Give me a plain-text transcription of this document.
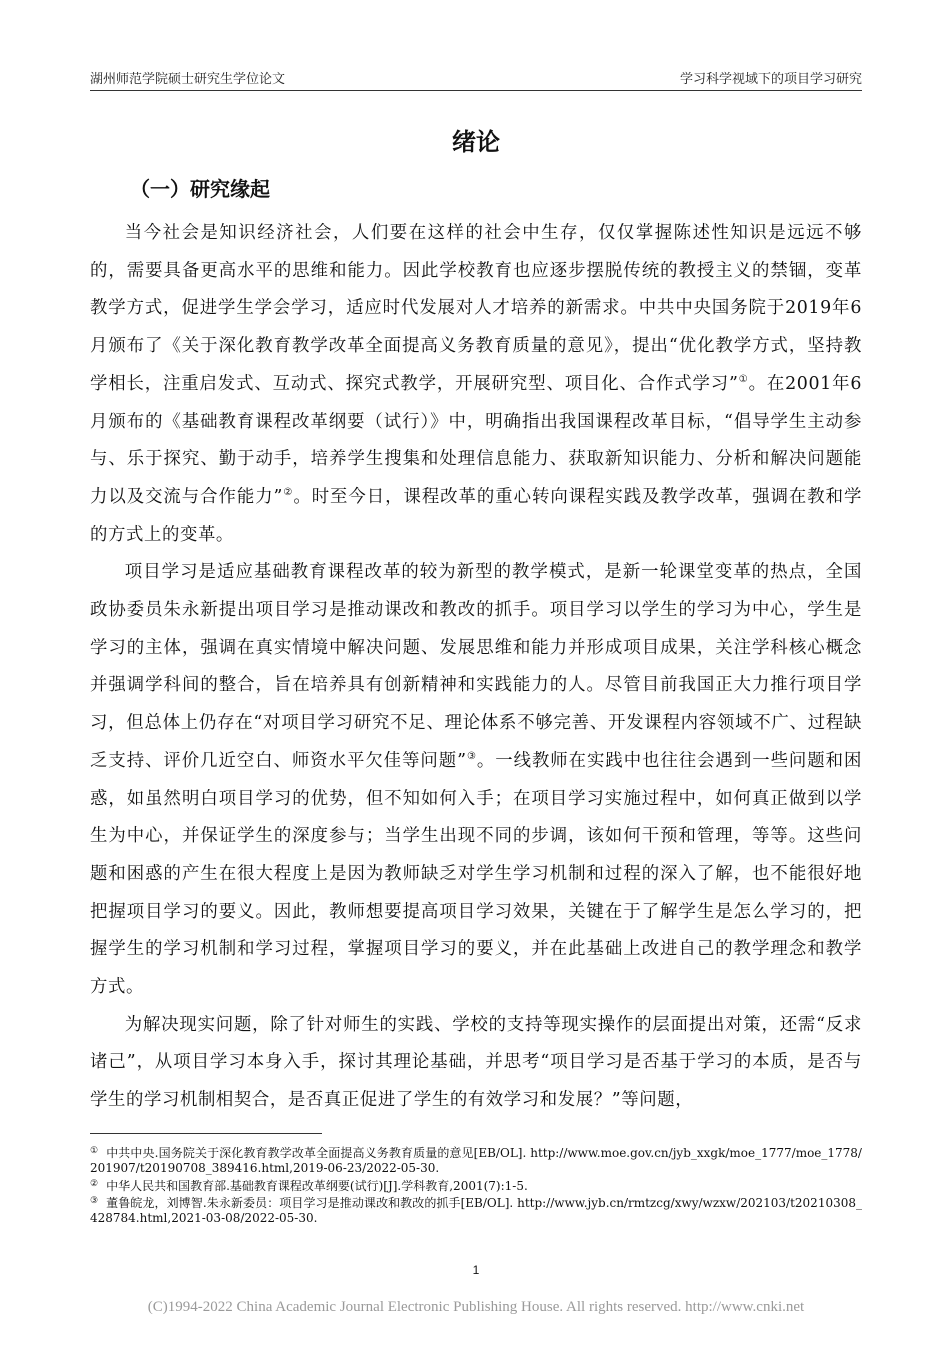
湖州师范学院硕士研究生学位论文	学习科学视域下的项目学习研究
绪论
（一）研究缘起

当今社会是知识经济社会，人们要在这样的社会中生存，仅仅掌握陈述性知识是远远不够的，需要具备更高水平的思维和能力。因此学校教育也应逐步摆脱传统的教授主义的禁锢，变革教学方式，促进学生学会学习，适应时代发展对人才培养的新需求。中共中央国务院于2019年6月颁布了《关于深化教育教学改革全面提高义务教育质量的意见》，提出“优化教学方式，坚持教学相长，注重启发式、互动式、探究式教学，开展研究型、项目化、合作式学习”①。在2001年6月颁布的《基础教育课程改革纲要（试行）》中，明确指出我国课程改革目标，“倡导学生主动参与、乐于探究、勤于动手，培养学生搜集和处理信息能力、获取新知识能力、分析和解决问题能力以及交流与合作能力”②。时至今日，课程改革的重心转向课程实践及教学改革，强调在教和学的方式上的变革。

项目学习是适应基础教育课程改革的较为新型的教学模式，是新一轮课堂变革的热点，全国政协委员朱永新提出项目学习是推动课改和教改的抓手。项目学习以学生的学习为中心，学生是学习的主体，强调在真实情境中解决问题、发展思维和能力并形成项目成果，关注学科核心概念并强调学科间的整合，旨在培养具有创新精神和实践能力的人。尽管目前我国正大力推行项目学习，但总体上仍存在“对项目学习研究不足、理论体系不够完善、开发课程内容领域不广、过程缺乏支持、评价几近空白、师资水平欠佳等问题”③。一线教师在实践中也往往会遇到一些问题和困惑，如虽然明白项目学习的优势，但不知如何入手；在项目学习实施过程中，如何真正做到以学生为中心，并保证学生的深度参与；当学生出现不同的步调，该如何干预和管理，等等。这些问题和困惑的产生在很大程度上是因为教师缺乏对学生学习机制和过程的深入了解，也不能很好地把握项目学习的要义。因此，教师想要提高项目学习效果，关键在于了解学生是怎么学习的，把握学生的学习机制和学习过程，掌握项目学习的要义，并在此基础上改进自己的教学理念和教学方式。

为解决现实问题，除了针对师生的实践、学校的支持等现实操作的层面提出对策，还需“反求诸己”，从项目学习本身入手，探讨其理论基础，并思考“项目学习是否基于学习的本质，是否与学生的学习机制相契合，是否真正促进了学生的有效学习和发展？”等问题，

① 中共中央.国务院关于深化教育教学改革全面提高义务教育质量的意见[EB/OL]. http://www.moe.gov.cn/jyb_xxgk/moe_1777/moe_1778/201907/t20190708_389416.html,2019-06-23/2022-05-30.
② 中华人民共和国教育部.基础教育课程改革纲要(试行)[J].学科教育,2001(7):1-5.
③ 董鲁皖龙，刘博智.朱永新委员：项目学习是推动课改和教改的抓手[EB/OL]. http://www.jyb.cn/rmtzcg/xwy/wzxw/202103/t20210308_428784.html,2021-03-08/2022-05-30.
1
(C)1994-2022 China Academic Journal Electronic Publishing House. All rights reserved. http://www.cnki.net
